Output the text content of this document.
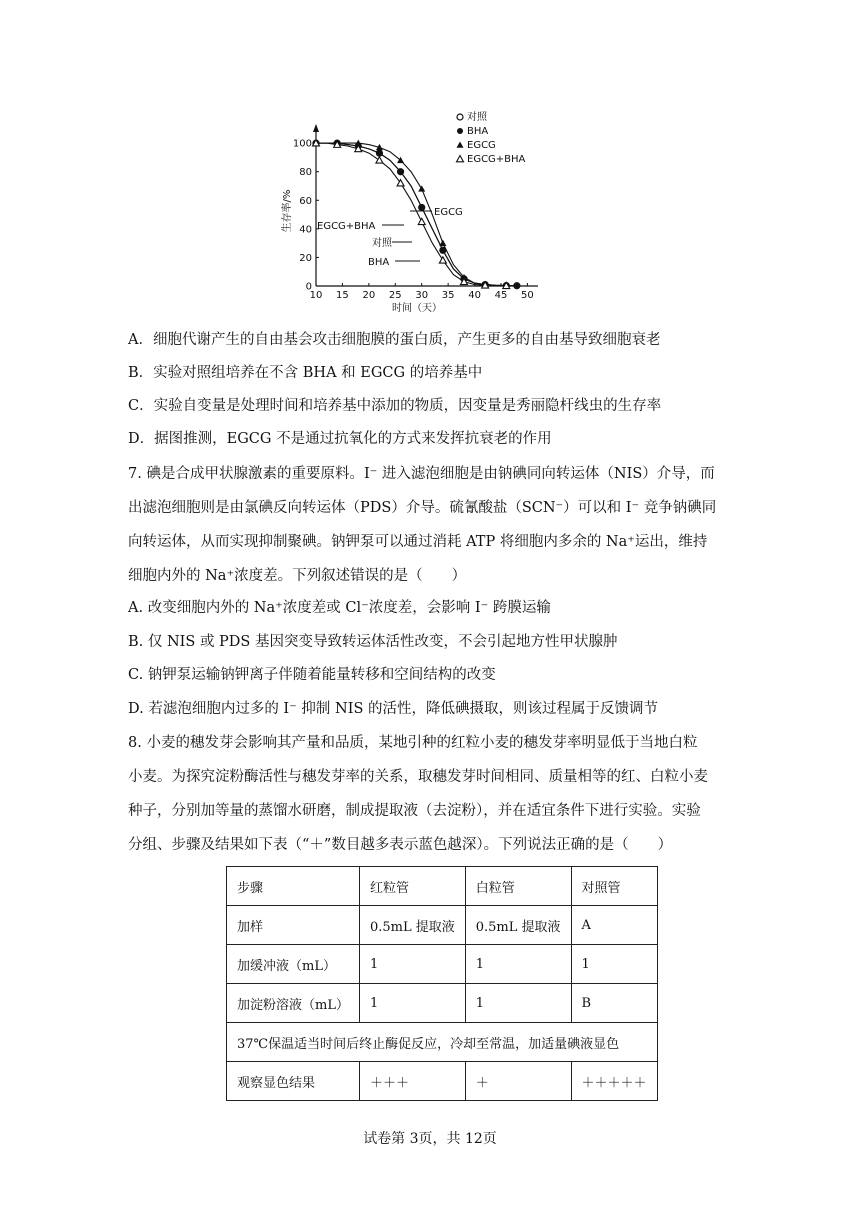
10 15 20 25 30 35 40 45 50
时间（天）
0
20
40
60
80
100
生存率/%
对照
BHA
EGCG
EGCG+BHA
EGCG
EGCG+BHA
对照
BHA
A．细胞代谢产生的自由基会攻击细胞膜的蛋白质，产生更多的自由基导致细胞衰老
B．实验对照组培养在不含 BHA 和 EGCG 的培养基中
C．实验自变量是处理时间和培养基中添加的物质，因变量是秀丽隐杆线虫的生存率
D．据图推测，EGCG 不是通过抗氧化的方式来发挥抗衰老的作用
7. 碘是合成甲状腺激素的重要原料。I⁻ 进入滤泡细胞是由钠碘同向转运体（NIS）介导，而
出滤泡细胞则是由氯碘反向转运体（PDS）介导。硫氰酸盐（SCN⁻）可以和 I⁻ 竞争钠碘同
向转运体，从而实现抑制聚碘。钠钾泵可以通过消耗 ATP 将细胞内多余的 Na⁺运出，维持
细胞内外的 Na⁺浓度差。下列叙述错误的是（　　）
A. 改变细胞内外的 Na⁺浓度差或 Cl⁻浓度差，会影响 I⁻ 跨膜运输
B. 仅 NIS 或 PDS 基因突变导致转运体活性改变，不会引起地方性甲状腺肿
C. 钠钾泵运输钠钾离子伴随着能量转移和空间结构的改变
D. 若滤泡细胞内过多的 I⁻ 抑制 NIS 的活性，降低碘摄取，则该过程属于反馈调节
8. 小麦的穗发芽会影响其产量和品质，某地引种的红粒小麦的穗发芽率明显低于当地白粒
小麦。为探究淀粉酶活性与穗发芽率的关系，取穗发芽时间相同、质量相等的红、白粒小麦
种子，分别加等量的蒸馏水研磨，制成提取液（去淀粉），并在适宜条件下进行实验。实验
分组、步骤及结果如下表（“＋”数目越多表示蓝色越深）。下列说法正确的是（　　）
步骤	红粒管	白粒管	对照管
加样	0.5mL 提取液	0.5mL 提取液	A
加缓冲液（mL）	1	1	1
加淀粉溶液（mL）	1	1	B
37℃保温适当时间后终止酶促反应，冷却至常温，加适量碘液显色			
观察显色结果	＋＋＋	＋	＋＋＋＋＋
试卷第 3页，共 12页
